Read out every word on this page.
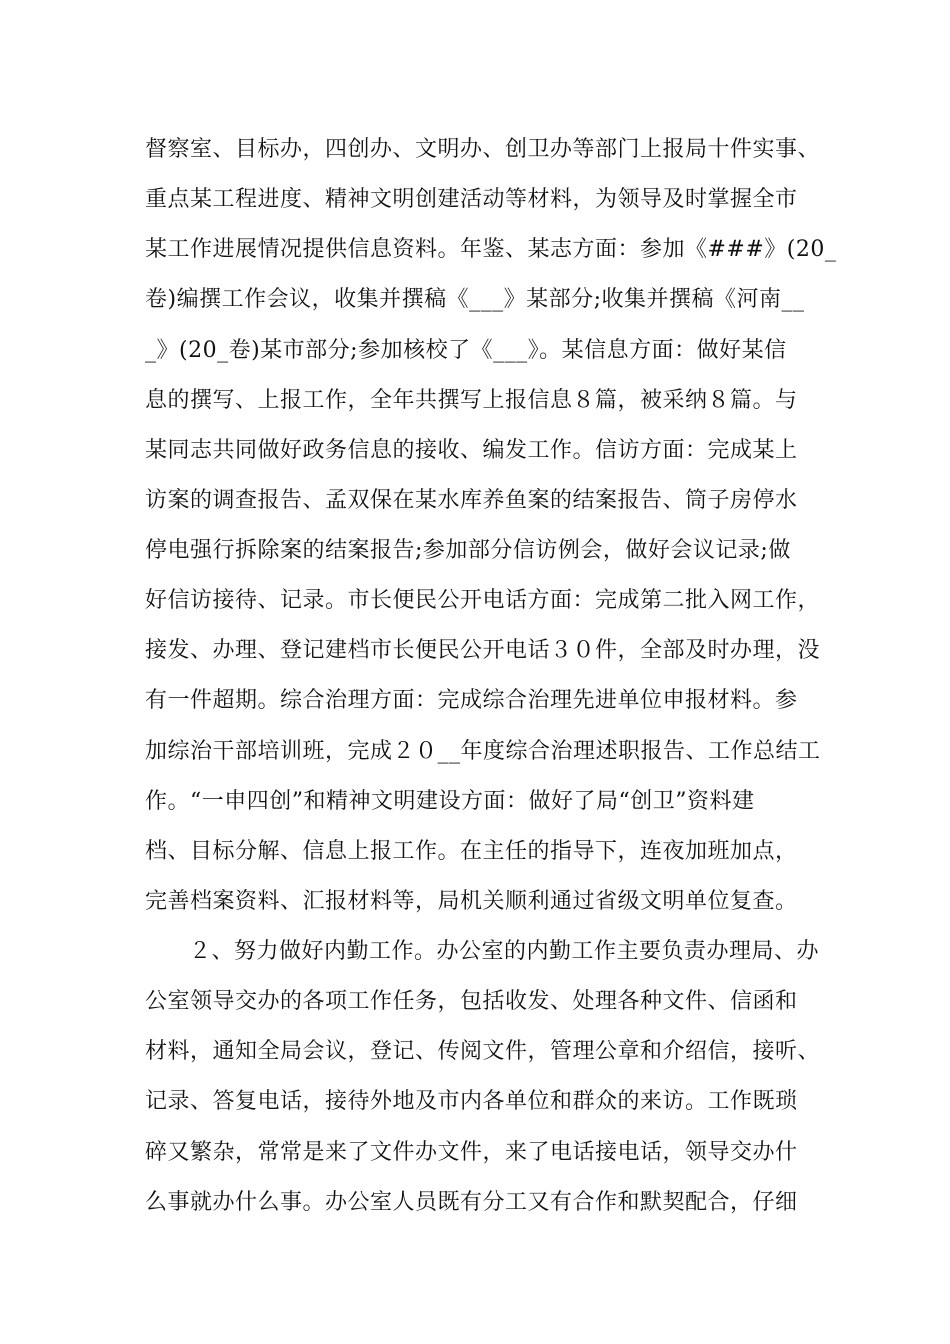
督察室、目标办，四创办、文明办、创卫办等部门上报局十件实事、
重点某工程进度、精神文明创建活动等材料，为领导及时掌握全市
某工作进展情况提供信息资料。年鉴、某志方面：参加《###》(20_
卷)编撰工作会议，收集并撰稿《___》某部分;收集并撰稿《河南__
_》(20_卷)某市部分;参加核校了《___》。某信息方面：做好某信
息的撰写、上报工作，全年共撰写上报信息８篇，被采纳８篇。与
某同志共同做好政务信息的接收、编发工作。信访方面：完成某上
访案的调查报告、孟双保在某水库养鱼案的结案报告、筒子房停水
停电强行拆除案的结案报告;参加部分信访例会，做好会议记录;做
好信访接待、记录。市长便民公开电话方面：完成第二批入网工作，
接发、办理、登记建档市长便民公开电话３０件，全部及时办理，没
有一件超期。综合治理方面：完成综合治理先进单位申报材料。参
加综治干部培训班，完成２０__年度综合治理述职报告、工作总结工
作。“一申四创”和精神文明建设方面：做好了局“创卫”资料建
档、目标分解、信息上报工作。在主任的指导下，连夜加班加点，
完善档案资料、汇报材料等，局机关顺利通过省级文明单位复查。
２、努力做好内勤工作。办公室的内勤工作主要负责办理局、办
公室领导交办的各项工作任务，包括收发、处理各种文件、信函和
材料，通知全局会议，登记、传阅文件，管理公章和介绍信，接听、
记录、答复电话，接待外地及市内各单位和群众的来访。工作既琐
碎又繁杂，常常是来了文件办文件，来了电话接电话，领导交办什
么事就办什么事。办公室人员既有分工又有合作和默契配合，仔细
